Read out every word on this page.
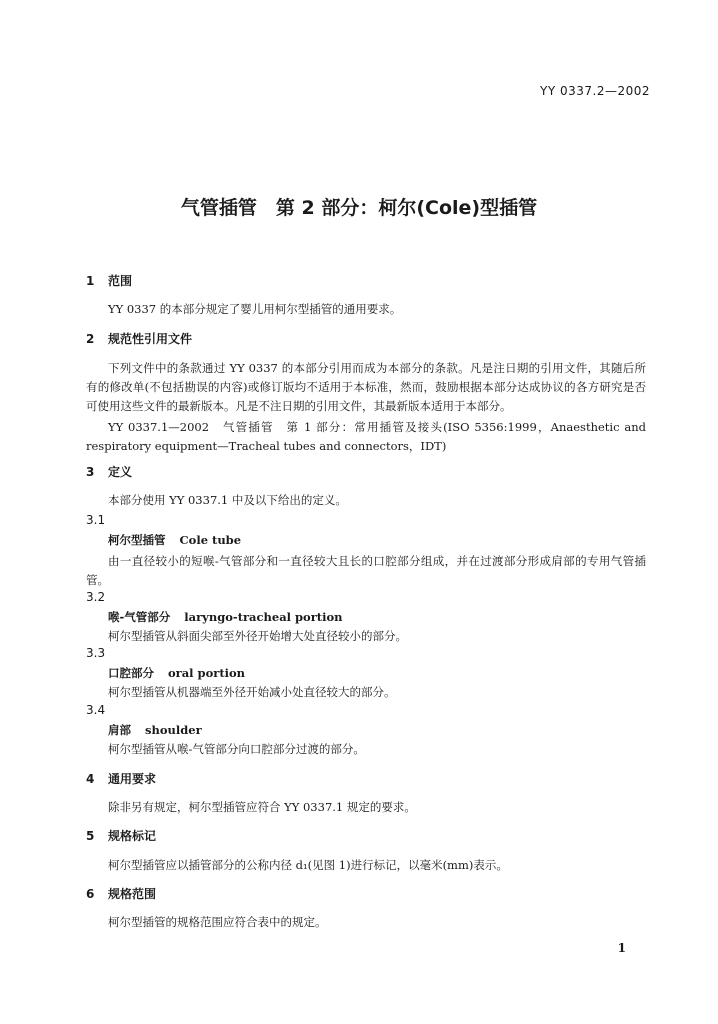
YY 0337.2—2002
气管插管　第 2 部分：柯尔(Cole)型插管
1 范围
YY 0337 的本部分规定了婴儿用柯尔型插管的通用要求。
2 规范性引用文件
下列文件中的条款通过 YY 0337 的本部分引用而成为本部分的条款。凡是注日期的引用文件，其随后所有的修改单(不包括勘误的内容)或修订版均不适用于本标准，然而，鼓励根据本部分达成协议的各方研究是否可使用这些文件的最新版本。凡是不注日期的引用文件，其最新版本适用于本部分。
YY 0337.1—2002　气管插管　第 1 部分：常用插管及接头(ISO 5356:1999，Anaesthetic and respiratory equipment—Tracheal tubes and connectors，IDT)
3 定义
本部分使用 YY 0337.1 中及以下给出的定义。
3.1
柯尔型插管 Cole tube
由一直径较小的短喉-气管部分和一直径较大且长的口腔部分组成，并在过渡部分形成肩部的专用气管插管。
3.2
喉-气管部分 laryngo-tracheal portion
柯尔型插管从斜面尖部至外径开始增大处直径较小的部分。
3.3
口腔部分 oral portion
柯尔型插管从机器端至外径开始减小处直径较大的部分。
3.4
肩部 shoulder
柯尔型插管从喉-气管部分向口腔部分过渡的部分。
4 通用要求
除非另有规定，柯尔型插管应符合 YY 0337.1 规定的要求。
5 规格标记
柯尔型插管应以插管部分的公称内径 d₁(见图 1)进行标记，以毫米(mm)表示。
6 规格范围
柯尔型插管的规格范围应符合表中的规定。
1
